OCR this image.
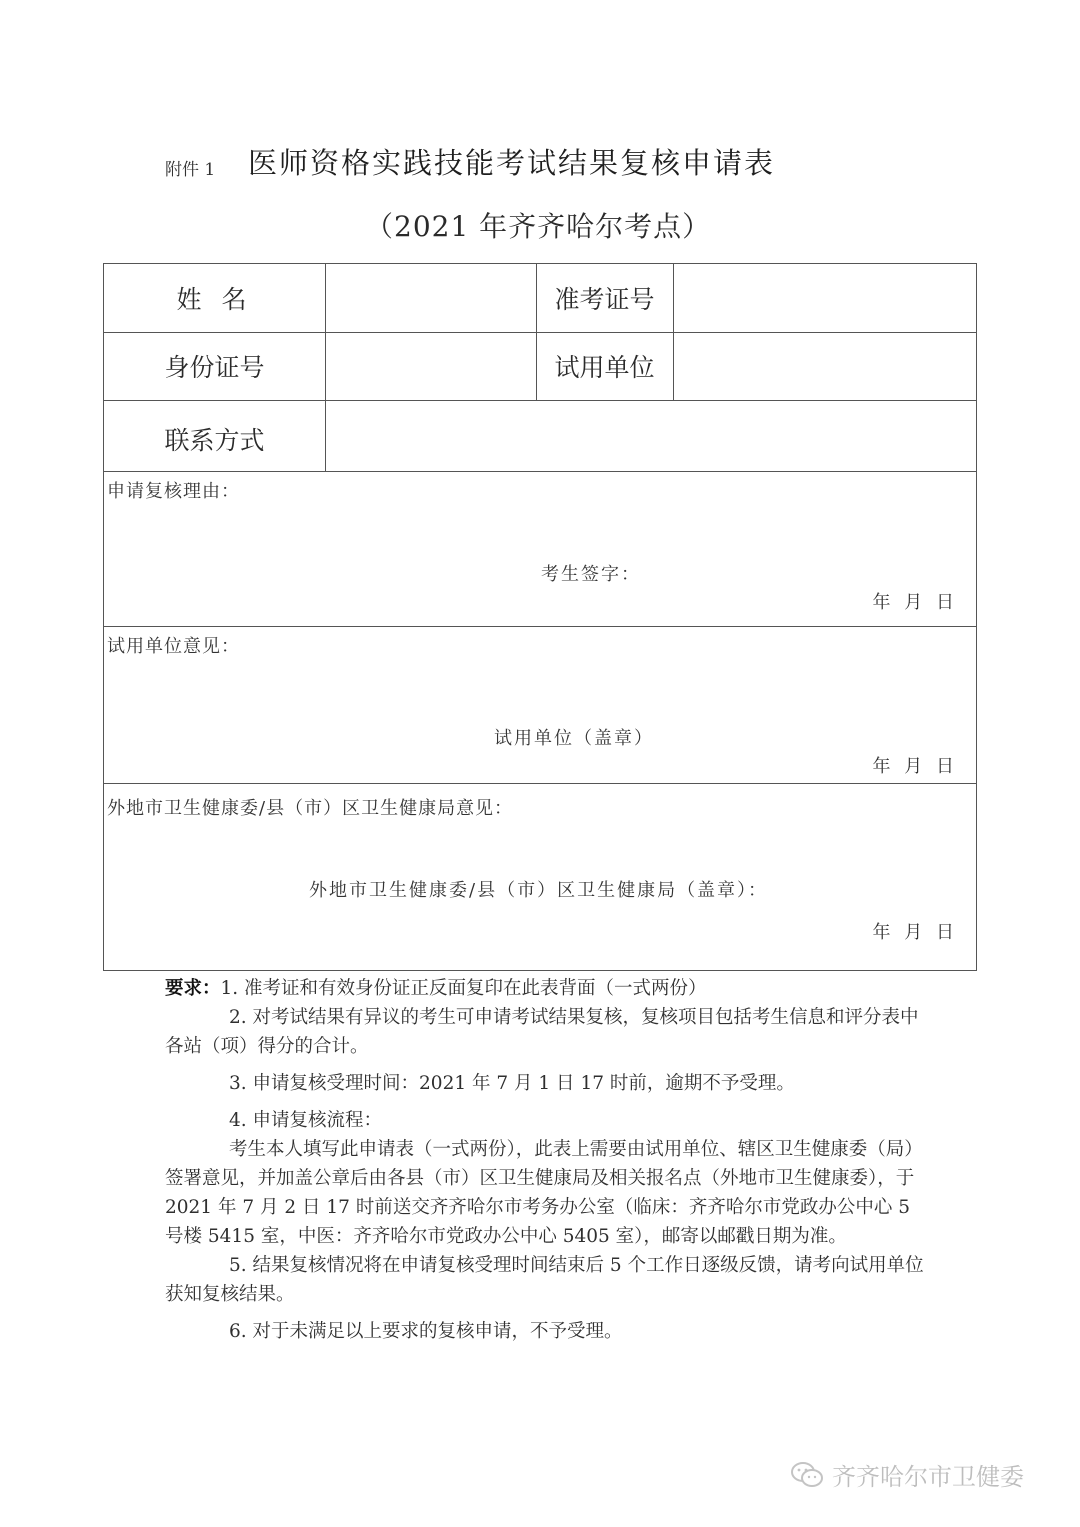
附件 1 医师资格实践技能考试结果复核申请表
（2021 年齐齐哈尔考点）
姓 名	准考证号
身份证号	试用单位
联系方式
申请复核理由：
考生签字：
年 月 日
试用单位意见：
试用单位（盖章）
年 月 日
外地市卫生健康委/县（市）区卫生健康局意见：
外地市卫生健康委/县（市）区卫生健康局（盖章）：
年 月 日

要求：1. 准考证和有效身份证正反面复印在此表背面（一式两份）

2. 对考试结果有异议的考生可申请考试结果复核，复核项目包括考生信息和评分表中各站（项）得分的合计。

3. 申请复核受理时间：2021 年 7 月 1 日 17 时前，逾期不予受理。

4. 申请复核流程：

考生本人填写此申请表（一式两份），此表上需要由试用单位、辖区卫生健康委（局）签署意见，并加盖公章后由各县（市）区卫生健康局及相关报名点（外地市卫生健康委），于 2021 年 7 月 2 日 17 时前送交齐齐哈尔市考务办公室（临床：齐齐哈尔市党政办公中心 5 号楼 5415 室，中医：齐齐哈尔市党政办公中心 5405 室），邮寄以邮戳日期为准。

5. 结果复核情况将在申请复核受理时间结束后 5 个工作日逐级反馈，请考向试用单位获知复核结果。

6. 对于未满足以上要求的复核申请，不予受理。

齐齐哈尔市卫健委
